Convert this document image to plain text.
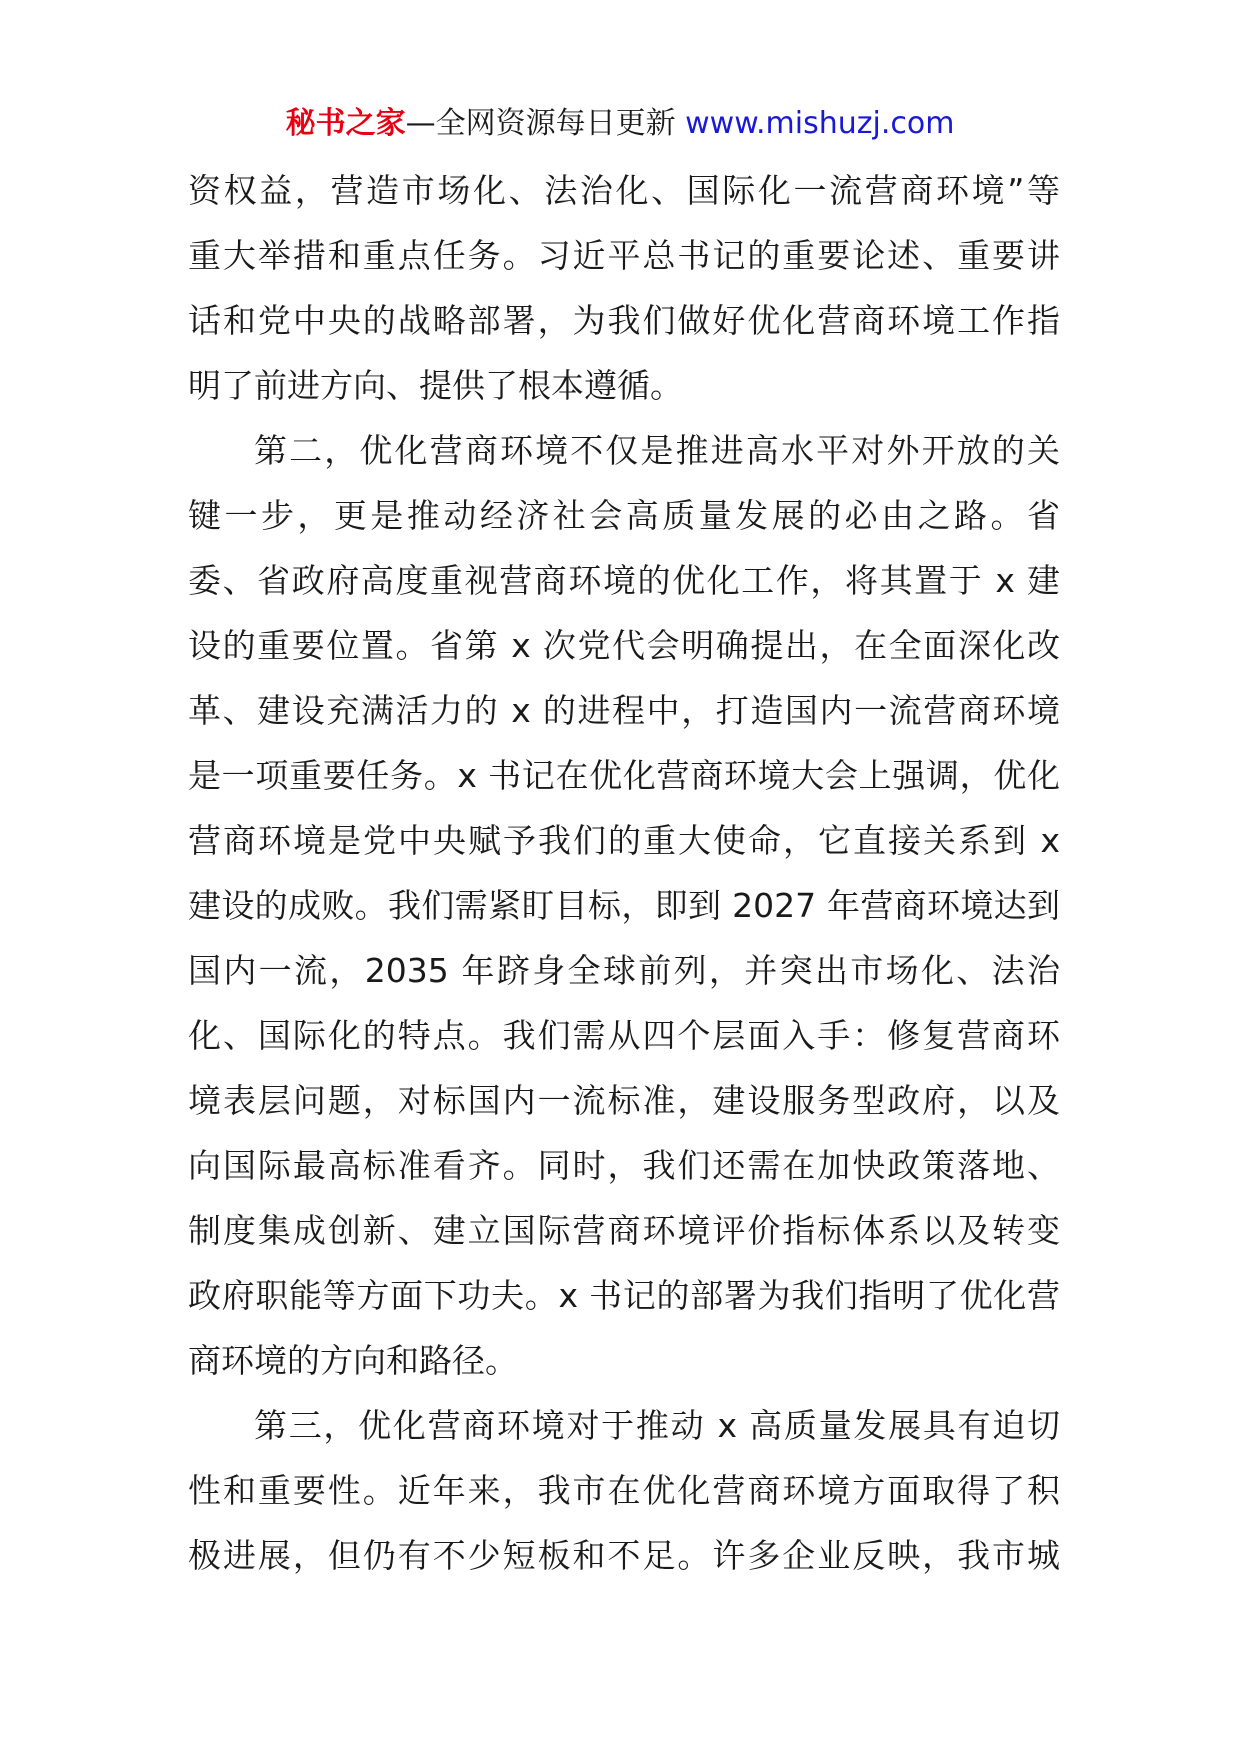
秘书之家—全网资源每日更新 www.mishuzj.com
资权益，营造市场化、法治化、国际化一流营商环境”等
重大举措和重点任务。习近平总书记的重要论述、重要讲
话和党中央的战略部署，为我们做好优化营商环境工作指
明了前进方向、提供了根本遵循。
第二，优化营商环境不仅是推进高水平对外开放的关
键一步，更是推动经济社会高质量发展的必由之路。省
委、省政府高度重视营商环境的优化工作，将其置于 x 建
设的重要位置。省第 x 次党代会明确提出，在全面深化改
革、建设充满活力的 x 的进程中，打造国内一流营商环境
是一项重要任务。x 书记在优化营商环境大会上强调，优化
营商环境是党中央赋予我们的重大使命，它直接关系到 x
建设的成败。我们需紧盯目标，即到 2027 年营商环境达到
国内一流，2035 年跻身全球前列，并突出市场化、法治
化、国际化的特点。我们需从四个层面入手：修复营商环
境表层问题，对标国内一流标准，建设服务型政府，以及
向国际最高标准看齐。同时，我们还需在加快政策落地、
制度集成创新、建立国际营商环境评价指标体系以及转变
政府职能等方面下功夫。x 书记的部署为我们指明了优化营
商环境的方向和路径。
第三，优化营商环境对于推动 x 高质量发展具有迫切
性和重要性。近年来，我市在优化营商环境方面取得了积
极进展，但仍有不少短板和不足。许多企业反映，我市城
